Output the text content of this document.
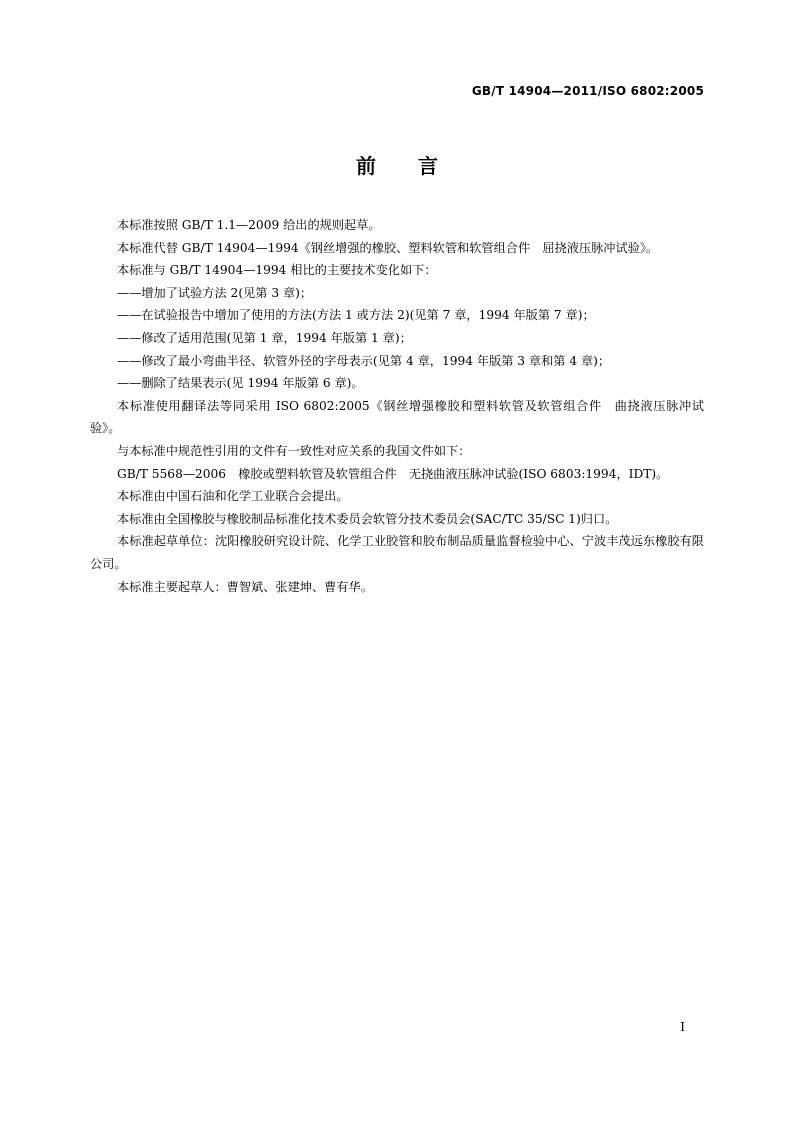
GB/T 14904—2011/ISO 6802:2005
前言

本标准按照 GB/T 1.1—2009 给出的规则起草。

本标准代替 GB/T 14904—1994《钢丝增强的橡胶、塑料软管和软管组合件　屈挠液压脉冲试验》。

本标准与 GB/T 14904—1994 相比的主要技术变化如下：

——增加了试验方法 2(见第 3 章)；

——在试验报告中增加了使用的方法(方法 1 或方法 2)(见第 7 章，1994 年版第 7 章)；

——修改了适用范围(见第 1 章，1994 年版第 1 章)；

——修改了最小弯曲半径、软管外径的字母表示(见第 4 章，1994 年版第 3 章和第 4 章)；

——删除了结果表示(见 1994 年版第 6 章)。

本标准使用翻译法等同采用 ISO 6802:2005《钢丝增强橡胶和塑料软管及软管组合件　曲挠液压脉冲试验》。

与本标准中规范性引用的文件有一致性对应关系的我国文件如下：

GB/T 5568—2006　橡胶或塑料软管及软管组合件　无挠曲液压脉冲试验(ISO 6803:1994，IDT)。

本标准由中国石油和化学工业联合会提出。

本标准由全国橡胶与橡胶制品标准化技术委员会软管分技术委员会(SAC/TC 35/SC 1)归口。

本标准起草单位：沈阳橡胶研究设计院、化学工业胶管和胶布制品质量监督检验中心、宁波丰茂远东橡胶有限公司。

本标准主要起草人：曹智斌、张建坤、曹有华。

I
